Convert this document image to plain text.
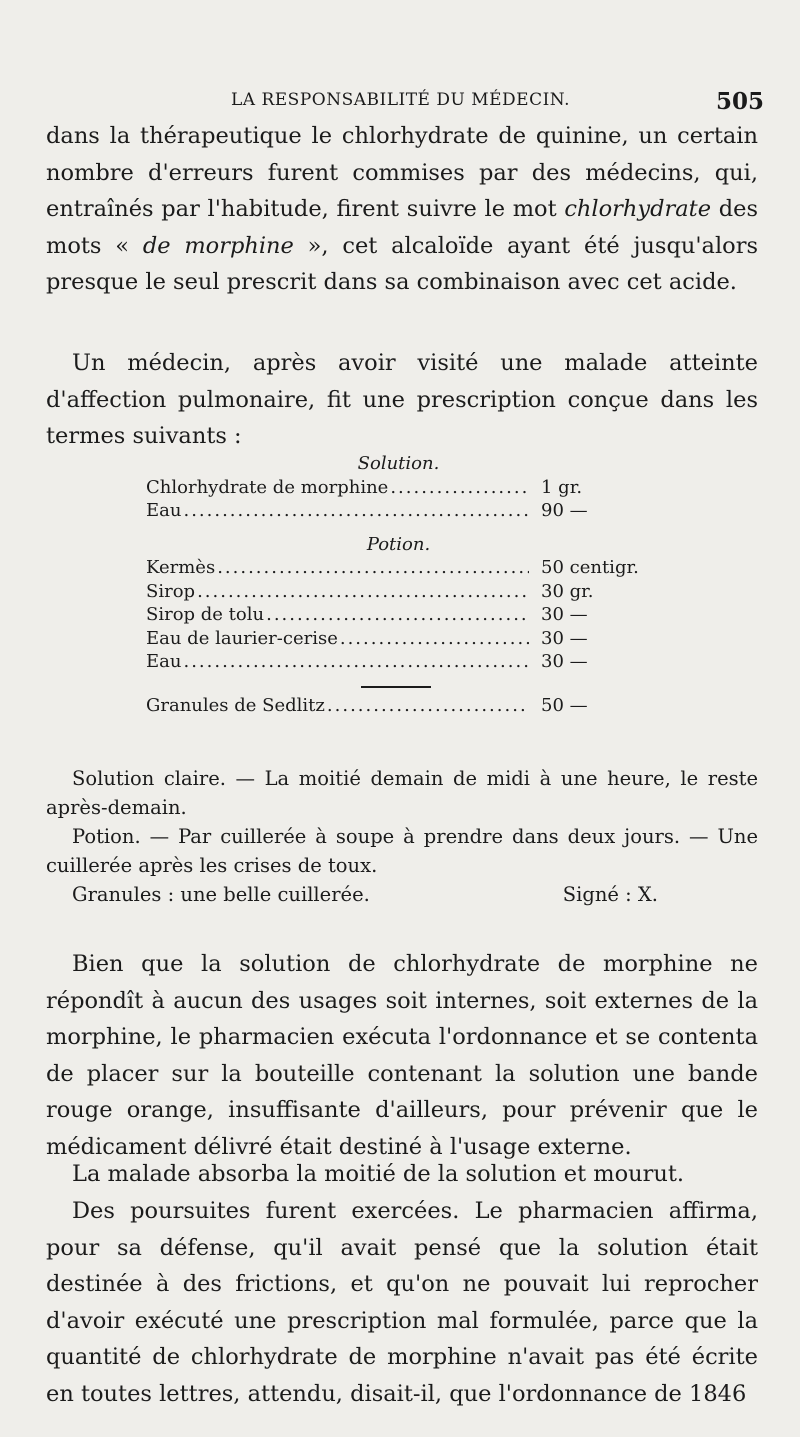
LA RESPONSABILITÉ DU MÉDECIN.	505

dans la thérapeutique le chlorhydrate de quinine, un certain nombre d'erreurs furent commises par des médecins, qui, entraînés par l'habitude, firent suivre le mot chlorhydrate des mots « de morphine », cet alcaloïde ayant été jusqu'alors presque le seul prescrit dans sa combinaison avec cet acide.

Un médecin, après avoir visité une malade atteinte d'affection pulmonaire, fit une prescription conçue dans les termes suivants :

Solution.
Chlorhydrate de morphine .....	1 gr.
Eau .....	90 —
Potion.
Kermès .....	50 centigr.
Sirop .....	30 gr.
Sirop de tolu .....	30 —
Eau de laurier-cerise .....	30 —
Eau .....	30 —
Granules de Sedlitz .....	50 —
Solution claire. — La moitié demain de midi à une heure, le reste après-demain.
Potion. — Par cuillerée à soupe à prendre dans deux jours. — Une cuillerée après les crises de toux.
Granules : une belle cuillerée.	Signé : X.

Bien que la solution de chlorhydrate de morphine ne répondît à aucun des usages soit internes, soit externes de la morphine, le pharmacien exécuta l'ordonnance et se contenta de placer sur la bouteille contenant la solution une bande rouge orange, insuffisante d'ailleurs, pour prévenir que le médicament délivré était destiné à l'usage externe.

La malade absorba la moitié de la solution et mourut.

Des poursuites furent exercées. Le pharmacien affirma, pour sa défense, qu'il avait pensé que la solution était destinée à des frictions, et qu'on ne pouvait lui reprocher d'avoir exécuté une prescription mal formulée, parce que la quantité de chlorhydrate de morphine n'avait pas été écrite en toutes lettres, attendu, disait-il, que l'ordonnance de 1846
